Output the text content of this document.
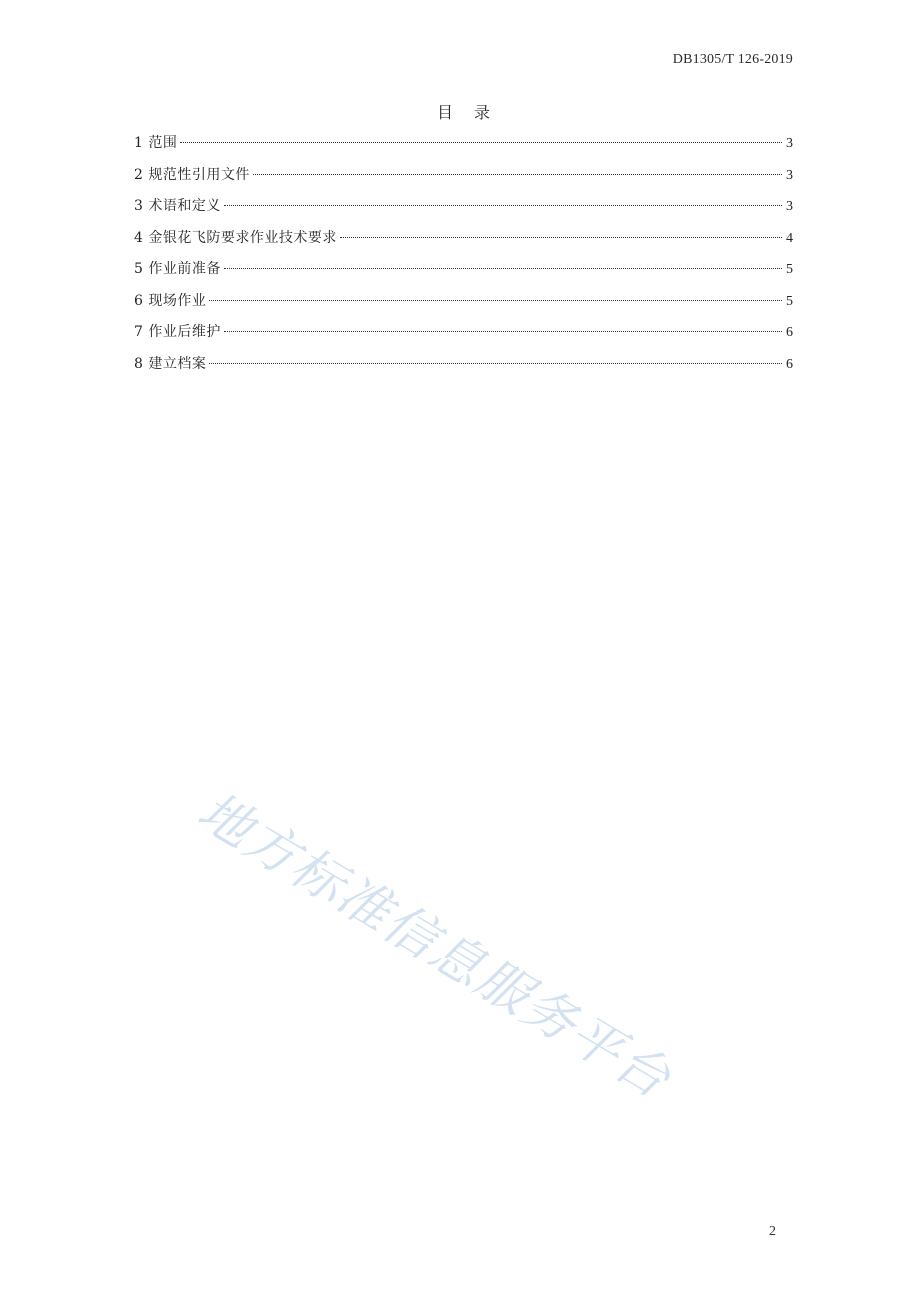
DB1305/T 126-2019
目 录
1 范围	3
2 规范性引用文件	3
3 术语和定义	3
4 金银花飞防要求作业技术要求	4
5 作业前准备	5
6 现场作业	5
7 作业后维护	6
8 建立档案	6
地方标准信息服务平台
2
